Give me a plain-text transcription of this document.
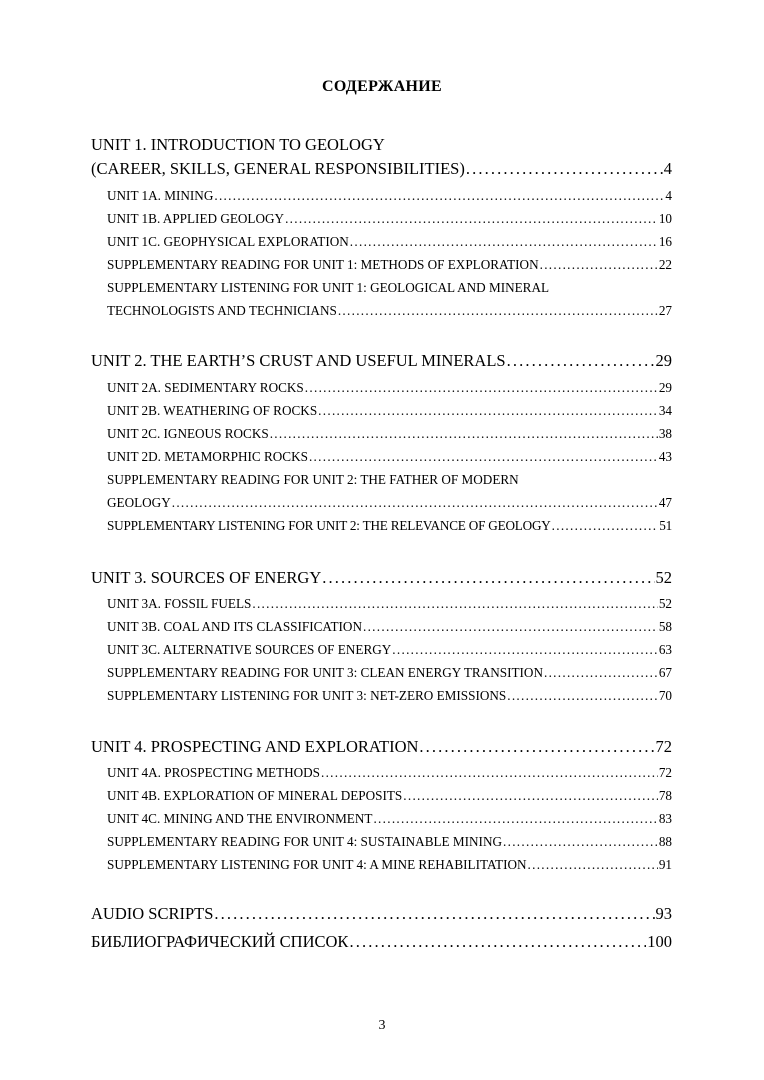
СОДЕРЖАНИЕ
UNIT 1. INTRODUCTION TO GEOLOGY
(CAREER, SKILLS, GENERAL RESPONSIBILITIES) . . .	4
UNIT 1A. MINING . . .	4
UNIT 1B. APPLIED GEOLOGY . . .	10
UNIT 1C. GEOPHYSICAL EXPLORATION . . .	16
SUPPLEMENTARY READING FOR UNIT 1: METHODS OF EXPLORATION . . .	22
SUPPLEMENTARY LISTENING FOR UNIT 1: GEOLOGICAL AND MINERAL
TECHNOLOGISTS AND TECHNICIANS . . .	27
UNIT 2. THE EARTH’S CRUST AND USEFUL MINERALS . . .	29
UNIT 2A. SEDIMENTARY ROCKS . . .	29
UNIT 2B. WEATHERING OF ROCKS . . .	34
UNIT 2C. IGNEOUS ROCKS . . .	38
UNIT 2D. METAMORPHIC ROCKS . . .	43
SUPPLEMENTARY READING FOR UNIT 2: THE FATHER OF MODERN
GEOLOGY . . .	47
SUPPLEMENTARY LISTENING FOR UNIT 2: THE RELEVANCE OF GEOLOGY . . .	51
UNIT 3. SOURCES OF ENERGY . . .	52
UNIT 3A. FOSSIL FUELS . . .	52
UNIT 3B. COAL AND ITS CLASSIFICATION . . .	58
UNIT 3C. ALTERNATIVE SOURCES OF ENERGY . . .	63
SUPPLEMENTARY READING FOR UNIT 3: CLEAN ENERGY TRANSITION . . .	67
SUPPLEMENTARY LISTENING FOR UNIT 3: NET-ZERO EMISSIONS . . .	70
UNIT 4. PROSPECTING AND EXPLORATION . . .	72
UNIT 4A. PROSPECTING METHODS . . .	72
UNIT 4B. EXPLORATION OF MINERAL DEPOSITS . . .	78
UNIT 4C. MINING AND THE ENVIRONMENT . . .	83
SUPPLEMENTARY READING FOR UNIT 4: SUSTAINABLE MINING . . .	88
SUPPLEMENTARY LISTENING FOR UNIT 4: A MINE REHABILITATION . . .	91
AUDIO SCRIPTS . . .	93
БИБЛИОГРАФИЧЕСКИЙ СПИСОК . . .	100
3
